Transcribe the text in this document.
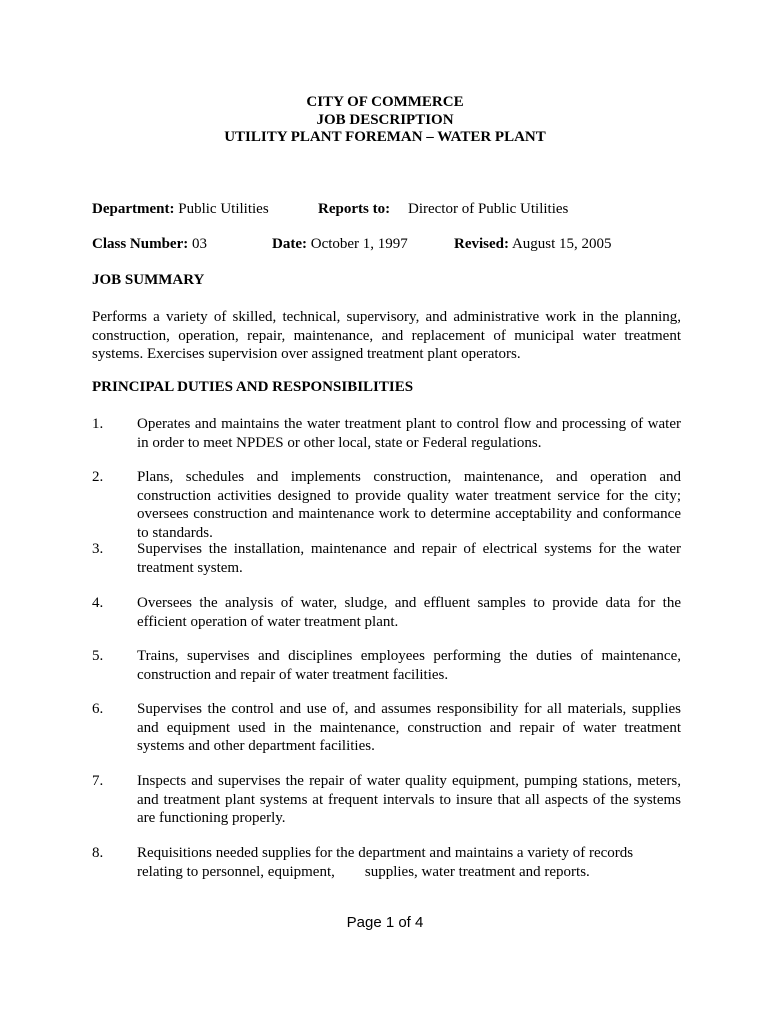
CITY OF COMMERCE
JOB DESCRIPTION
UTILITY PLANT FOREMAN – WATER PLANT
Department: Public Utilities	Reports to: Director of Public Utilities
Class Number: 03	Date: October 1, 1997	Revised: August 15, 2005
JOB SUMMARY
Performs a variety of skilled, technical, supervisory, and administrative work in the planning, construction, operation, repair, maintenance, and replacement of municipal water treatment systems. Exercises supervision over assigned treatment plant operators.
PRINCIPAL DUTIES AND RESPONSIBILITIES
1. Operates and maintains the water treatment plant to control flow and processing of water in order to meet NPDES or other local, state or Federal regulations.
2. Plans, schedules and implements construction, maintenance, and operation and construction activities designed to provide quality water treatment service for the city; oversees construction and maintenance work to determine acceptability and conformance to standards.
3. Supervises the installation, maintenance and repair of electrical systems for the water treatment system.
4. Oversees the analysis of water, sludge, and effluent samples to provide data for the efficient operation of water treatment plant.
5. Trains, supervises and disciplines employees performing the duties of maintenance, construction and repair of water treatment facilities.
6. Supervises the control and use of, and assumes responsibility for all materials, supplies and equipment used in the maintenance, construction and repair of water treatment systems and other department facilities.
7. Inspects and supervises the repair of water quality equipment, pumping stations, meters, and treatment plant systems at frequent intervals to insure that all aspects of the systems are functioning properly.
8. Requisitions needed supplies for the department and maintains a variety of records relating to personnel, equipment,        supplies, water treatment and reports.
Page 1 of 4
